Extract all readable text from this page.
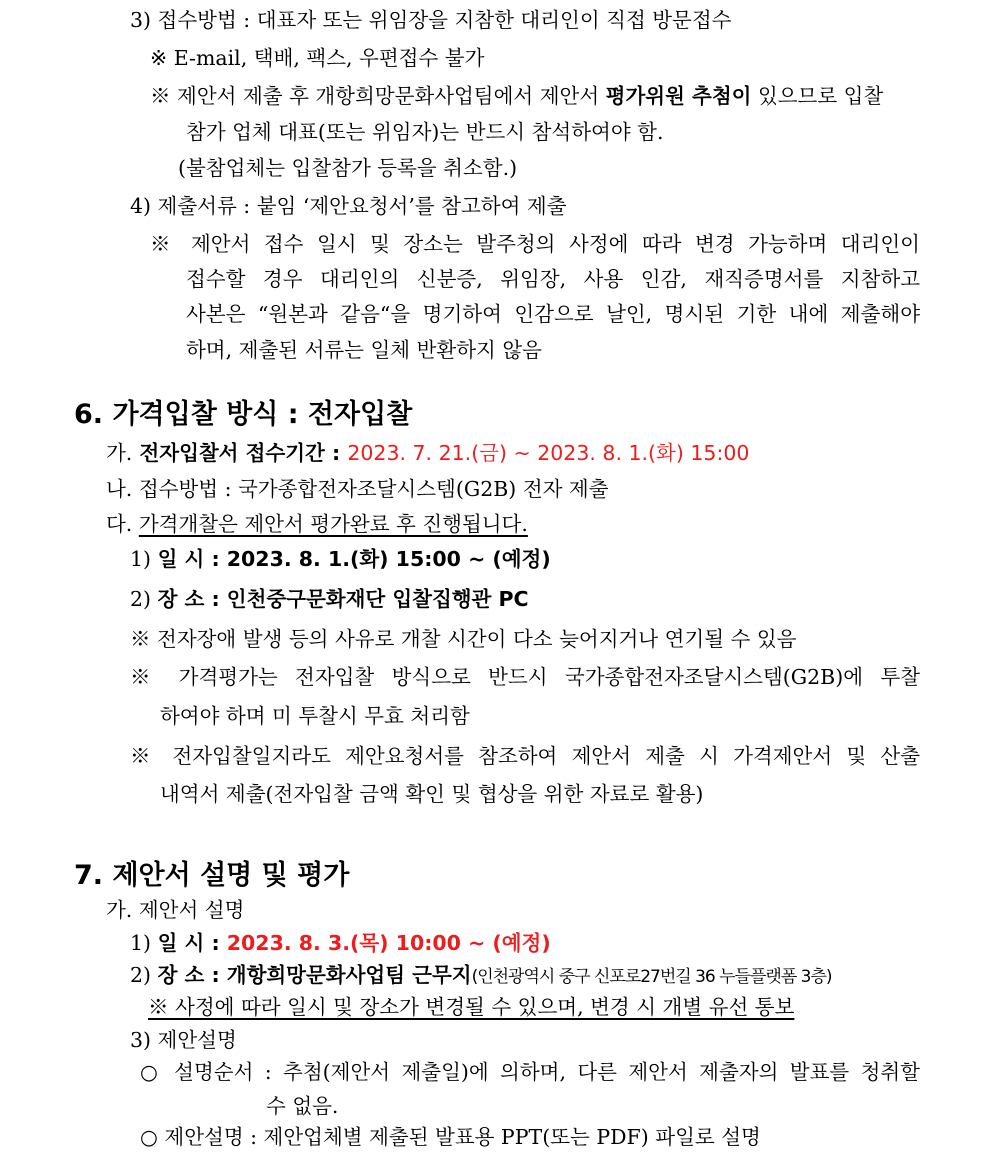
3) 접수방법 : 대표자 또는 위임장을 지참한 대리인이 직접 방문접수
※ E-mail, 택배, 팩스, 우편접수 불가
※ 제안서 제출 후 개항희망문화사업팀에서 제안서 평가위원 추첨이 있으므로 입찰
참가 업체 대표(또는 위임자)는 반드시 참석하여야 함.
(불참업체는 입찰참가 등록을 취소함.)
4) 제출서류 : 붙임 ‘제안요청서’를 참고하여 제출
※ 제안서 접수 일시 및 장소는 발주청의 사정에 따라 변경 가능하며 대리인이
접수할 경우 대리인의 신분증, 위임장, 사용 인감, 재직증명서를 지참하고
사본은 “원본과 같음“을 명기하여 인감으로 날인, 명시된 기한 내에 제출해야
하며, 제출된 서류는 일체 반환하지 않음
6. 가격입찰 방식 : 전자입찰
가. 전자입찰서 접수기간 : 2023. 7. 21.(금) ~ 2023. 8. 1.(화) 15:00
나. 접수방법 : 국가종합전자조달시스템(G2B) 전자 제출
다. 가격개찰은 제안서 평가완료 후 진행됩니다.
1) 일 시 : 2023. 8. 1.(화) 15:00 ~ (예정)
2) 장 소 : 인천중구문화재단 입찰집행관 PC
※ 전자장애 발생 등의 사유로 개찰 시간이 다소 늦어지거나 연기될 수 있음
※ 가격평가는 전자입찰 방식으로 반드시 국가종합전자조달시스템(G2B)에 투찰
하여야 하며 미 투찰시 무효 처리함
※ 전자입찰일지라도 제안요청서를 참조하여 제안서 제출 시 가격제안서 및 산출
내역서 제출(전자입찰 금액 확인 및 협상을 위한 자료로 활용)
7. 제안서 설명 및 평가
가. 제안서 설명
1) 일 시 : 2023. 8. 3.(목) 10:00 ~ (예정)
2) 장 소 : 개항희망문화사업팀 근무지(인천광역시 중구 신포로27번길 36 누들플랫폼 3층)
※ 사정에 따라 일시 및 장소가 변경될 수 있으며, 변경 시 개별 유선 통보
3) 제안설명
○ 설명순서 : 추첨(제안서 제출일)에 의하며, 다른 제안서 제출자의 발표를 청취할
수 없음.
○ 제안설명 : 제안업체별 제출된 발표용 PPT(또는 PDF) 파일로 설명
